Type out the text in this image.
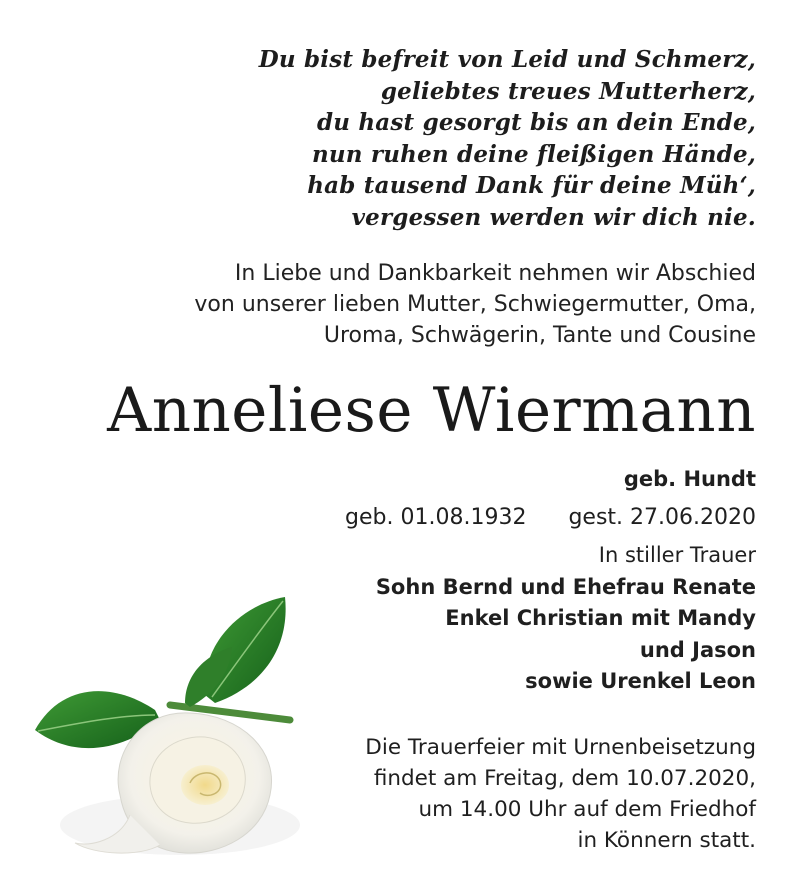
Du bist befreit von Leid und Schmerz,
geliebtes treues Mutterherz,
du hast gesorgt bis an dein Ende,
nun ruhen deine fleißigen Hände,
hab tausend Dank für deine Müh‘,
vergessen werden wir dich nie.
In Liebe und Dankbarkeit nehmen wir Abschied
von unserer lieben Mutter, Schwiegermutter, Oma,
Uroma, Schwägerin, Tante und Cousine
Anneliese Wiermann
geb. Hundt
geb. 01.08.1932 gest. 27.06.2020
In stiller Trauer
Sohn Bernd und Ehefrau Renate
Enkel Christian mit Mandy
und Jason
sowie Urenkel Leon
Die Trauerfeier mit Urnenbeisetzung
findet am Freitag, dem 10.07.2020,
um 14.00 Uhr auf dem Friedhof
in Könnern statt.
